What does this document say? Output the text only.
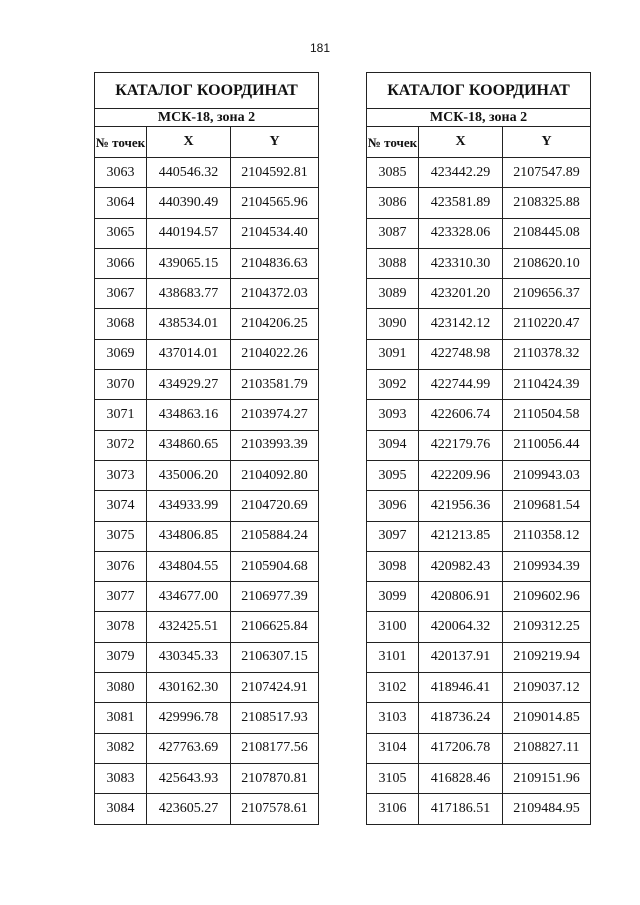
181
КАТАЛОГ КООРДИНАТ		
МСК-18, зона 2		
№ точек	X	Y
3063	440546.32	2104592.81
3064	440390.49	2104565.96
3065	440194.57	2104534.40
3066	439065.15	2104836.63
3067	438683.77	2104372.03
3068	438534.01	2104206.25
3069	437014.01	2104022.26
3070	434929.27	2103581.79
3071	434863.16	2103974.27
3072	434860.65	2103993.39
3073	435006.20	2104092.80
3074	434933.99	2104720.69
3075	434806.85	2105884.24
3076	434804.55	2105904.68
3077	434677.00	2106977.39
3078	432425.51	2106625.84
3079	430345.33	2106307.15
3080	430162.30	2107424.91
3081	429996.78	2108517.93
3082	427763.69	2108177.56
3083	425643.93	2107870.81
3084	423605.27	2107578.61
КАТАЛОГ КООРДИНАТ		
МСК-18, зона 2		
№ точек	X	Y
3085	423442.29	2107547.89
3086	423581.89	2108325.88
3087	423328.06	2108445.08
3088	423310.30	2108620.10
3089	423201.20	2109656.37
3090	423142.12	2110220.47
3091	422748.98	2110378.32
3092	422744.99	2110424.39
3093	422606.74	2110504.58
3094	422179.76	2110056.44
3095	422209.96	2109943.03
3096	421956.36	2109681.54
3097	421213.85	2110358.12
3098	420982.43	2109934.39
3099	420806.91	2109602.96
3100	420064.32	2109312.25
3101	420137.91	2109219.94
3102	418946.41	2109037.12
3103	418736.24	2109014.85
3104	417206.78	2108827.11
3105	416828.46	2109151.96
3106	417186.51	2109484.95
